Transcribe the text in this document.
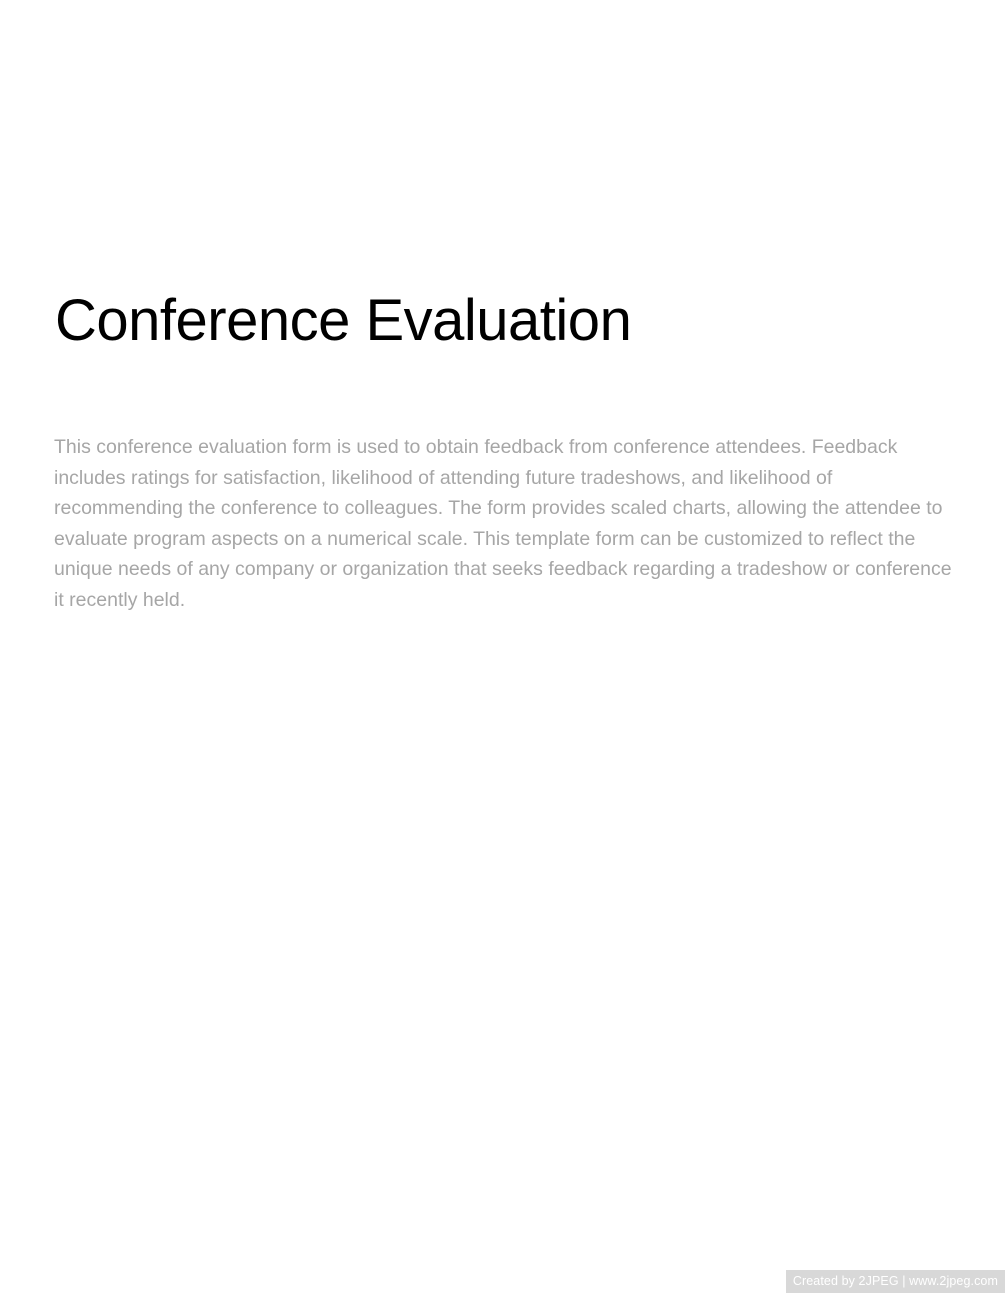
Conference Evaluation

This conference evaluation form is used to obtain feedback from conference attendees. Feedback includes ratings for satisfaction, likelihood of attending future tradeshows, and likelihood of recommending the conference to colleagues. The form provides scaled charts, allowing the attendee to evaluate program aspects on a numerical scale. This template form can be customized to reflect the unique needs of any company or organization that seeks feedback regarding a tradeshow or conference it recently held.

Created by 2JPEG | www.2jpeg.com
